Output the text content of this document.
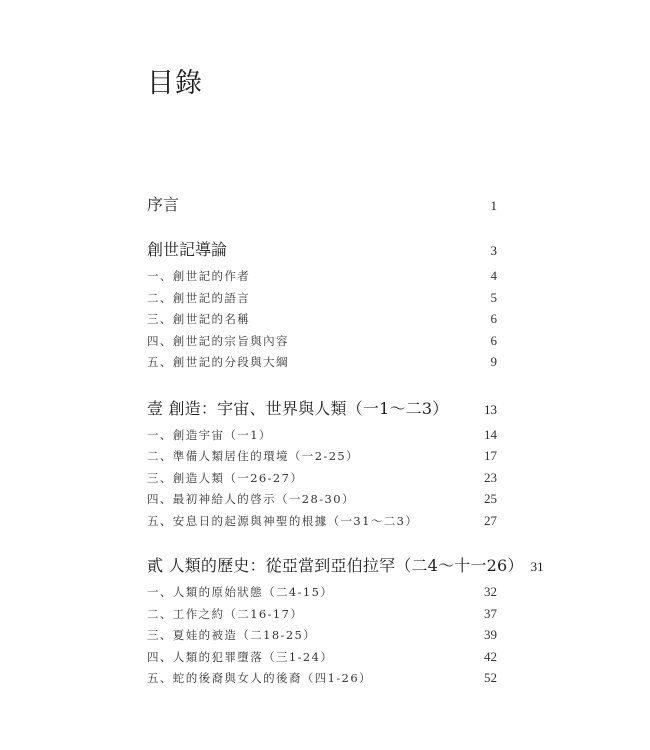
目錄
序言	1
創世記導論	3
一、創世記的作者	4
二、創世記的語言	5
三、創世記的名稱	6
四、創世記的宗旨與內容	6
五、創世記的分段與大綱	9
壹 創造：宇宙、世界與人類（一1～二3）	13
一、創造宇宙（一1）	14
二、準備人類居住的環境（一2-25）	17
三、創造人類（一26-27）	23
四、最初神給人的啓示（一28-30）	25
五、安息日的起源與神聖的根據（一31～二3）	27
貳 人類的歷史：從亞當到亞伯拉罕（二4～十一26） 31
一、人類的原始狀態（二4-15）	32
二、工作之約（二16-17）	37
三、夏娃的被造（二18-25）	39
四、人類的犯罪墮落（三1-24）	42
五、蛇的後裔與女人的後裔（四1-26）	52
